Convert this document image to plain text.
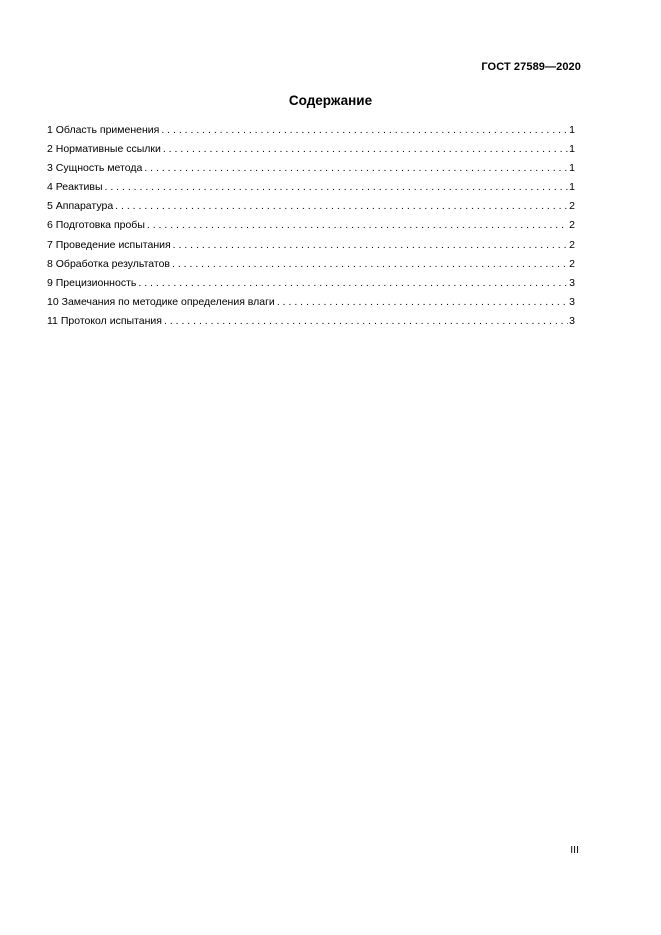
ГОСТ 27589—2020
Содержание
1 Область применения . . .	1
2 Нормативные ссылки . . .	1
3 Сущность метода . . .	1
4 Реактивы . . .	1
5 Аппаратура . . .	2
6 Подготовка пробы . . .	2
7 Проведение испытания . . .	2
8 Обработка результатов . . .	2
9 Прецизионность . . .	3
10 Замечания по методике определения влаги . . .	3
11 Протокол испытания . . .	3
III
